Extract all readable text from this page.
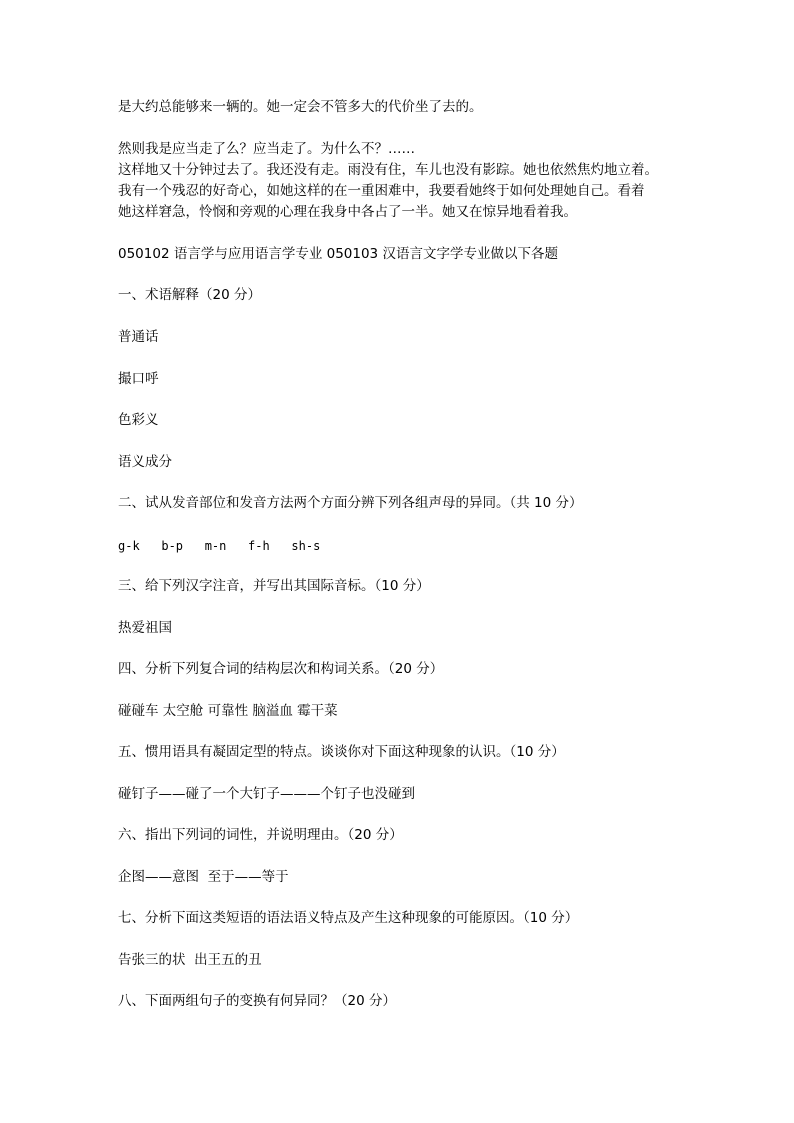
是大约总能够来一辆的。她一定会不管多大的代价坐了去的。
然则我是应当走了么？应当走了。为什么不？……
这样地又十分钟过去了。我还没有走。雨没有住，车儿也没有影踪。她也依然焦灼地立着。
我有一个残忍的好奇心，如她这样的在一重困难中，我要看她终于如何处理她自己。看着
她这样窘急，怜悯和旁观的心理在我身中各占了一半。她又在惊异地看着我。
050102 语言学与应用语言学专业 050103 汉语言文字学专业做以下各题
一、术语解释（20 分）
普通话
撮口呼
色彩义
语义成分
二、试从发音部位和发音方法两个方面分辨下列各组声母的异同。（共 10 分）
g-k   b-p   m-n   f-h   sh-s
三、给下列汉字注音，并写出其国际音标。（10 分）
热爱祖国
四、分析下列复合词的结构层次和构词关系。（20 分）
碰碰车 太空舱 可靠性 脑溢血 霉干菜
五、惯用语具有凝固定型的特点。谈谈你对下面这种现象的认识。（10 分）
碰钉子——碰了一个大钉子———个钉子也没碰到
六、指出下列词的词性，并说明理由。（20 分）
企图——意图  至于——等于
七、分析下面这类短语的语法语义特点及产生这种现象的可能原因。（10 分）
告张三的状  出王五的丑
八、下面两组句子的变换有何异同？（20 分）
